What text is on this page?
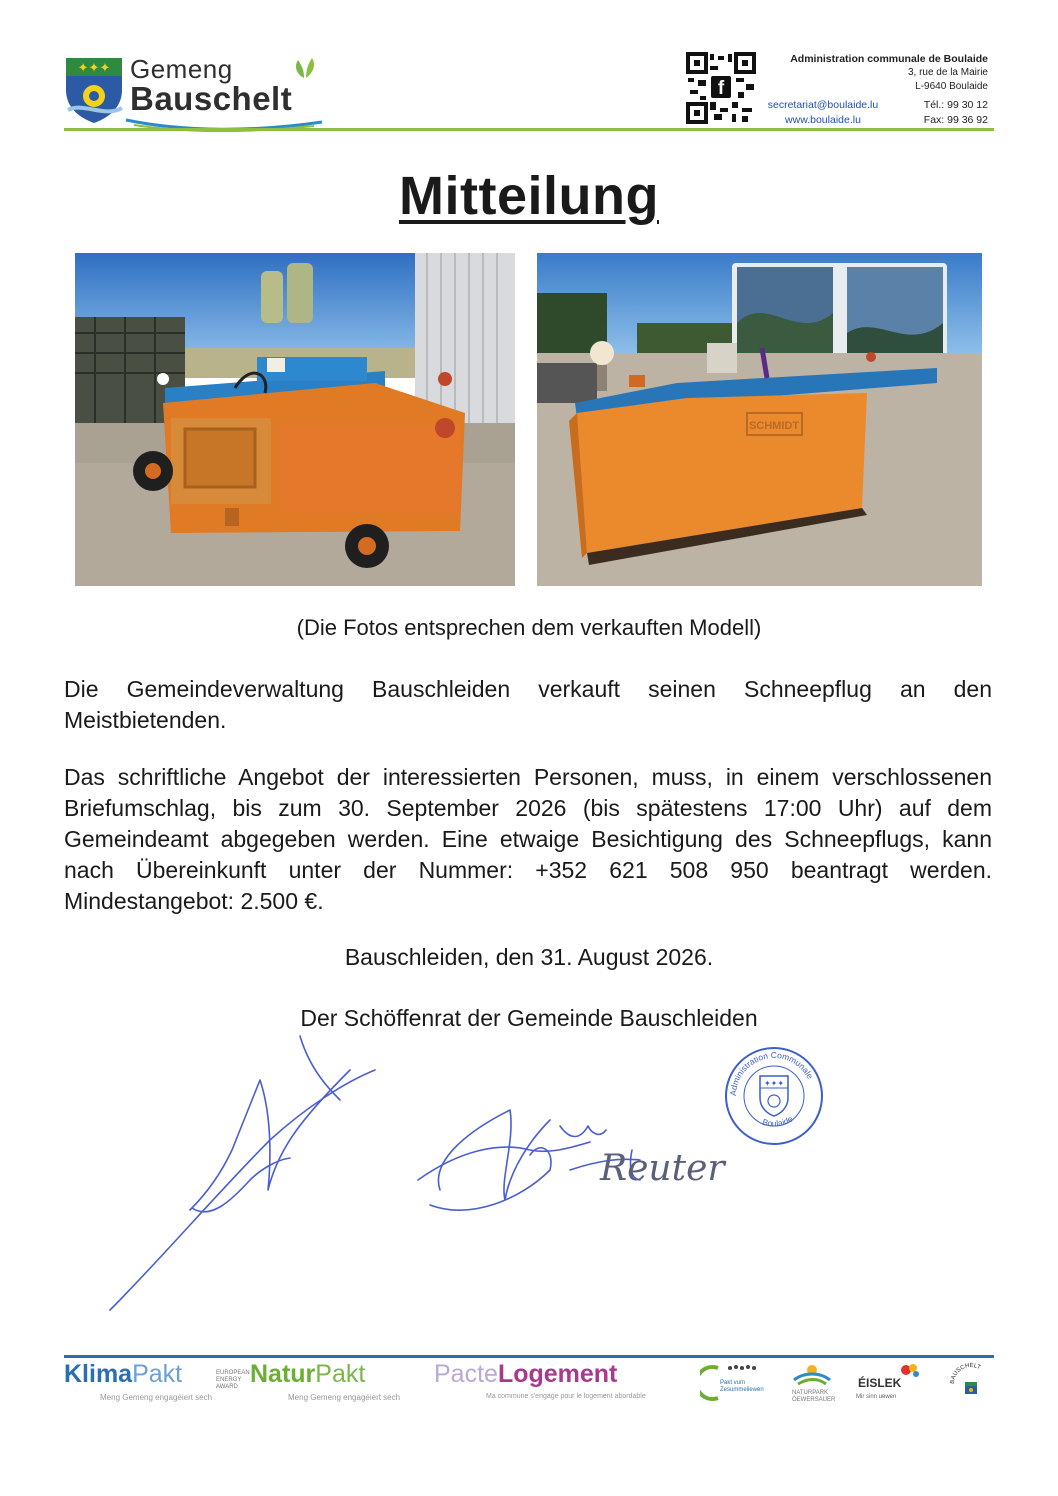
✦✦✦ Gemeng
Bauschelt	f
Administration communale de Boulaide
3, rue de la Mairie
L-9640 Boulaide
secretariat@boulaide.lu	Tél.: 99 30 12
www.boulaide.lu	Fax: 99 36 92
Mitteilung
SCHMIDT
(Die Fotos entsprechen dem verkauften Modell)

Die Gemeindeverwaltung Bauschleiden verkauft seinen Schneepflug an den Meistbietenden.

Das schriftliche Angebot der interessierten Personen, muss, in einem verschlossenen Briefumschlag, bis zum 30. September 2026 (bis spätestens 17:00 Uhr) auf dem Gemeindeamt abgegeben werden. Eine etwaige Besichtigung des Schneepflugs, kann nach Übereinkunft unter der Nummer: +352 621 508 950 beantragt werden. Mindestangebot: 2.500 €.

Bauschleiden, den 31. August 2026.
Der Schöffenrat der Gemeinde Bauschleiden
Reuter
Administration Communale
Boulaide
✦✦✦
KlimaPakt	EUROPEAN ENERGY AWARD
Meng Gemeng engagéiert sech
NaturPakt
Meng Gemeng engagéiert sech
PacteLogement
Ma commune s'engage pour le logement abordable
Pakt vum
Zesummeliewen	NATURPARK
ÖEWERSAUER
ÉISLEK
Mir sinn uewen
BAUSCHELT
